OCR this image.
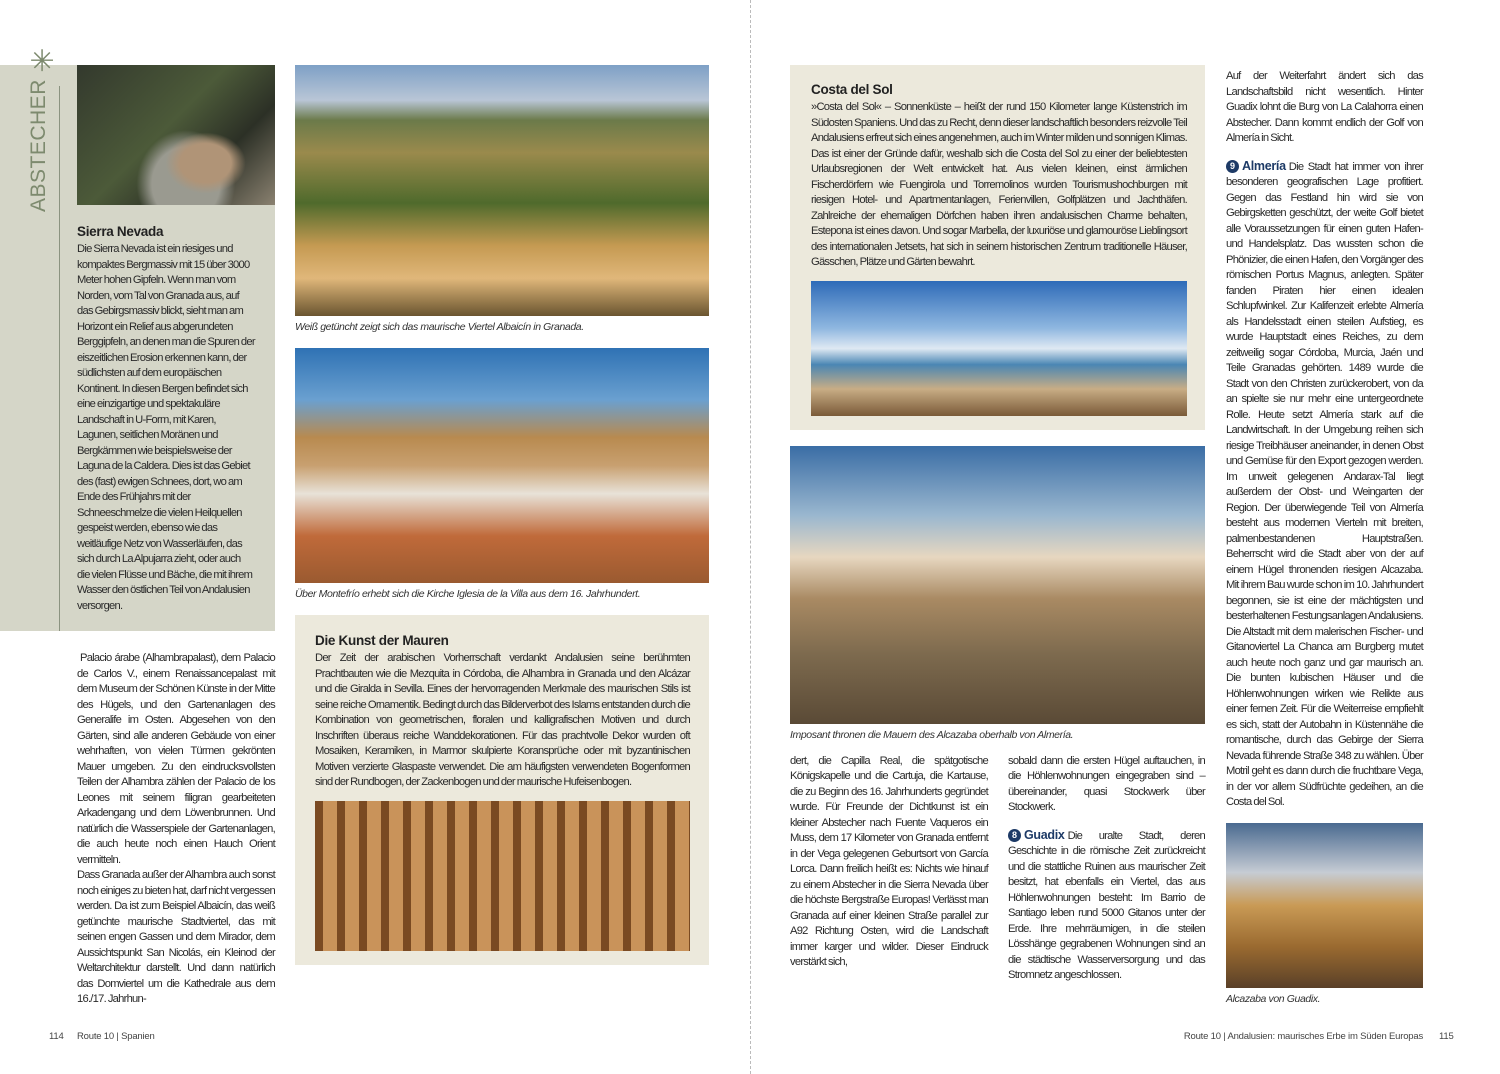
ABSTECHER ✳
Sierra Nevada
Die Sierra Nevada ist ein riesiges und kompaktes Bergmassiv mit 15 über 3000 Meter hohen Gipfeln. Wenn man vom Norden, vom Tal von Granada aus, auf das Gebirgsmassiv blickt, sieht man am Horizont ein Relief aus abgerundeten Berggipfeln, an denen man die Spuren der eiszeitlichen Erosion erkennen kann, der südlichsten auf dem europäischen Kontinent. In diesen Bergen befindet sich eine einzigartige und spektakuläre Landschaft in U-Form, mit Karen, Lagunen, seitlichen Moränen und Bergkämmen wie beispielsweise der Laguna de la Caldera. Dies ist das Gebiet des (fast) ewigen Schnees, dort, wo am Ende des Frühjahrs mit der Schneeschmelze die vielen Heilquellen gespeist werden, ebenso wie das weitläufige Netz von Wasserläufen, das sich durch La Alpujarra zieht, oder auch die vielen Flüsse und Bäche, die mit ihrem Wasser den östlichen Teil von Andalusien versorgen.

Palacio árabe (Alhambrapalast), dem Palacio de Carlos V., einem Renaissancepalast mit dem Museum der Schönen Künste in der Mitte des Hügels, und den Gartenanlagen des Generalife im Osten. Abgesehen von den Gärten, sind alle anderen Gebäude von einer wehrhaften, von vielen Türmen gekrönten Mauer umgeben. Zu den eindrucksvollsten Teilen der Alhambra zählen der Palacio de los Leones mit seinem filigran gearbeiteten Arkadengang und dem Löwenbrunnen. Und natürlich die Wasserspiele der Gartenanlagen, die auch heute noch einen Hauch Orient vermitteln.

Dass Granada außer der Alhambra auch sonst noch einiges zu bieten hat, darf nicht vergessen werden. Da ist zum Beispiel Albaicín, das weiß getünchte maurische Stadtviertel, das mit seinen engen Gassen und dem Mirador, dem Aussichtspunkt San Nicolás, ein Kleinod der Weltarchitektur darstellt. Und dann natürlich das Domviertel um die Kathedrale aus dem 16./17. Jahrhun-

Weiß getüncht zeigt sich das maurische Viertel Albaicín in Granada.
Über Montefrío erhebt sich die Kirche Iglesia de la Villa aus dem 16. Jahrhundert.
Die Kunst der Mauren
Der Zeit der arabischen Vorherrschaft verdankt Andalusien seine berühmten Prachtbauten wie die Mezquita in Córdoba, die Alhambra in Granada und den Alcázar und die Giralda in Sevilla. Eines der hervorragenden Merkmale des maurischen Stils ist seine reiche Ornamentik. Bedingt durch das Bilderverbot des Islams entstanden durch die Kombination von geometrischen, floralen und kalligrafischen Motiven und durch Inschriften überaus reiche Wanddekorationen. Für das prachtvolle Dekor wurden oft Mosaiken, Keramiken, in Marmor skulpierte Koransprüche oder mit byzantinischen Motiven verzierte Glaspaste verwendet. Die am häufigsten verwendeten Bogenformen sind der Rundbogen, der Zackenbogen und der maurische Hufeisenbogen.
114 Route 10 | Spanien
Costa del Sol
»Costa del Sol« – Sonnenküste – heißt der rund 150 Kilometer lange Küstenstrich im Südosten Spaniens. Und das zu Recht, denn dieser landschaftlich besonders reizvolle Teil Andalusiens erfreut sich eines angenehmen, auch im Winter milden und sonnigen Klimas. Das ist einer der Gründe dafür, weshalb sich die Costa del Sol zu einer der beliebtesten Urlaubsregionen der Welt entwickelt hat. Aus vielen kleinen, einst ärmlichen Fischerdörfern wie Fuengirola und Torremolinos wurden Tourismushochburgen mit riesigen Hotel- und Apartmentanlagen, Ferienvillen, Golfplätzen und Jachthäfen. Zahlreiche der ehemaligen Dörfchen haben ihren andalusischen Charme behalten, Estepona ist eines davon. Und sogar Marbella, der luxuriöse und glamouröse Lieblingsort des internationalen Jetsets, hat sich in seinem historischen Zentrum traditionelle Häuser, Gässchen, Plätze und Gärten bewahrt.
Imposant thronen die Mauern des Alcazaba oberhalb von Almería.
dert, die Capilla Real, die spätgotische Königskapelle und die Cartuja, die Kartause, die zu Beginn des 16. Jahrhunderts gegründet wurde. Für Freunde der Dichtkunst ist ein kleiner Abstecher nach Fuente Vaqueros ein Muss, dem 17 Kilometer von Granada entfernt in der Vega gelegenen Geburtsort von García Lorca. Dann freilich heißt es: Nichts wie hinauf zu einem Abstecher in die Sierra Nevada über die höchste Bergstraße Europas! Verlässt man Granada auf einer kleinen Straße parallel zur A92 Richtung Osten, wird die Landschaft immer karger und wilder. Dieser Eindruck verstärkt sich,

sobald dann die ersten Hügel auftauchen, in die Höhlenwohnungen eingegraben sind – übereinander, quasi Stockwerk über Stockwerk.

8 Guadix Die uralte Stadt, deren Geschichte in die römische Zeit zurückreicht und die stattliche Ruinen aus maurischer Zeit besitzt, hat ebenfalls ein Viertel, das aus Höhlenwohnungen besteht: Im Barrio de Santiago leben rund 5000 Gitanos unter der Erde. Ihre mehrräumigen, in die steilen Lösshänge gegrabenen Wohnungen sind an die städtische Wasserversorgung und das Stromnetz angeschlossen.

Auf der Weiterfahrt ändert sich das Landschaftsbild nicht wesentlich. Hinter Guadix lohnt die Burg von La Calahorra einen Abstecher. Dann kommt endlich der Golf von Almería in Sicht.

9 Almería Die Stadt hat immer von ihrer besonderen geografischen Lage profitiert. Gegen das Festland hin wird sie von Gebirgsketten geschützt, der weite Golf bietet alle Voraussetzungen für einen guten Hafen- und Handelsplatz. Das wussten schon die Phönizier, die einen Hafen, den Vorgänger des römischen Portus Magnus, anlegten. Später fanden Piraten hier einen idealen Schlupfwinkel. Zur Kalifenzeit erlebte Almería als Handelsstadt einen steilen Aufstieg, es wurde Hauptstadt eines Reiches, zu dem zeitweilig sogar Córdoba, Murcia, Jaén und Teile Granadas gehörten. 1489 wurde die Stadt von den Christen zurückerobert, von da an spielte sie nur mehr eine untergeordnete Rolle. Heute setzt Almería stark auf die Landwirtschaft. In der Umgebung reihen sich riesige Treibhäuser aneinander, in denen Obst und Gemüse für den Export gezogen werden. Im unweit gelegenen Andarax-Tal liegt außerdem der Obst- und Weingarten der Region. Der überwiegende Teil von Almería besteht aus modernen Vierteln mit breiten, palmenbestandenen Hauptstraßen. Beherrscht wird die Stadt aber von der auf einem Hügel thronenden riesigen Alcazaba. Mit ihrem Bau wurde schon im 10. Jahrhundert begonnen, sie ist eine der mächtigsten und besterhaltenen Festungsanlagen Andalusiens. Die Altstadt mit dem malerischen Fischer- und Gitanoviertel La Chanca am Burgberg mutet auch heute noch ganz und gar maurisch an. Die bunten kubischen Häuser und die Höhlenwohnungen wirken wie Relikte aus einer fernen Zeit. Für die Weiterreise empfiehlt es sich, statt der Autobahn in Küstennähe die romantische, durch das Gebirge der Sierra Nevada führende Straße 348 zu wählen. Über Motril geht es dann durch die fruchtbare Vega, in der vor allem Südfrüchte gedeihen, an die Costa del Sol.

Alcazaba von Guadix.
Route 10 | Andalusien: maurisches Erbe im Süden Europas 115
